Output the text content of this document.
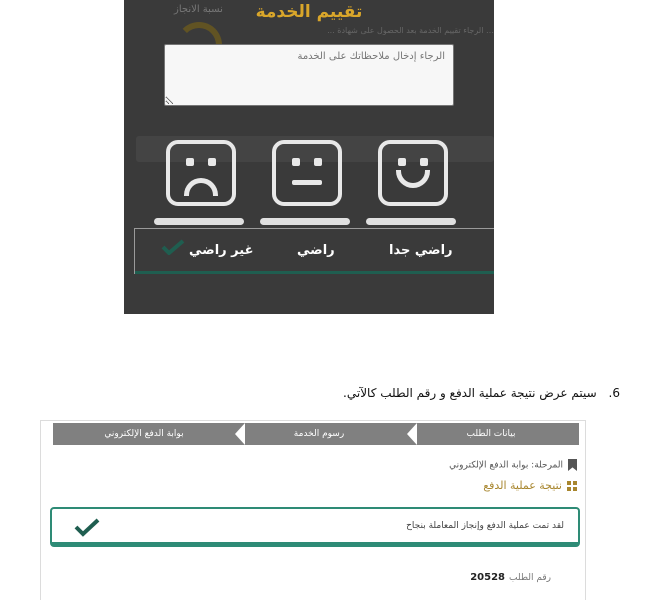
نسبة الانجاز	تقييم الخدمة
… الرجاء تقييم الخدمة بعد الحصول على شهادة ...
الرجاء إدخال ملاحظاتك على الخدمة
راضي جدا
راضي
غير راضي
6. سيتم عرض نتيجة عملية الدفع و رقم الطلب كالآتي.
بيانات الطلب
رسوم الخدمة
بوابة الدفع الإلكتروني
المرحلة: بوابة الدفع الإلكتروني
نتيجة عملية الدفع
لقد تمت عملية الدفع وإنجاز المعاملة بنجاح
رقم الطلب
20528
